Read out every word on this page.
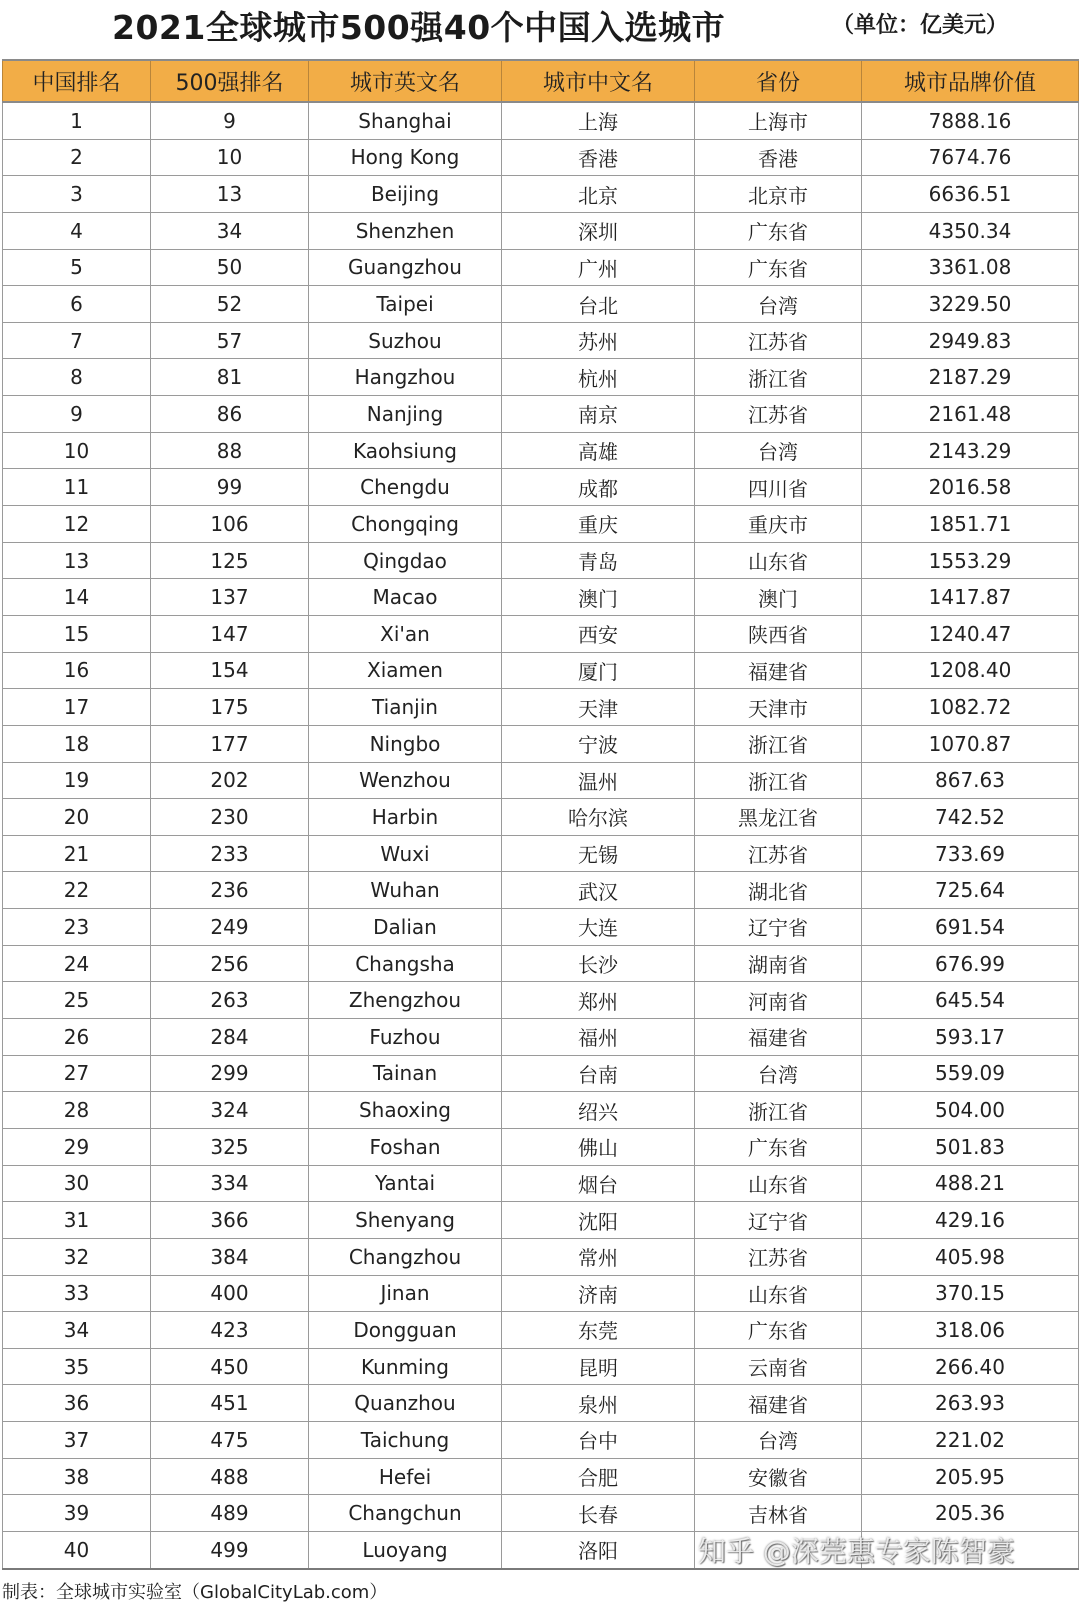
2021全球城市500强40个中国入选城市	（单位：亿美元）
中国排名	500强排名	城市英文名	城市中文名	省份	城市品牌价值
1	9	Shanghai	上海	上海市	7888.16
2	10	Hong Kong	香港	香港	7674.76
3	13	Beijing	北京	北京市	6636.51
4	34	Shenzhen	深圳	广东省	4350.34
5	50	Guangzhou	广州	广东省	3361.08
6	52	Taipei	台北	台湾	3229.50
7	57	Suzhou	苏州	江苏省	2949.83
8	81	Hangzhou	杭州	浙江省	2187.29
9	86	Nanjing	南京	江苏省	2161.48
10	88	Kaohsiung	高雄	台湾	2143.29
11	99	Chengdu	成都	四川省	2016.58
12	106	Chongqing	重庆	重庆市	1851.71
13	125	Qingdao	青岛	山东省	1553.29
14	137	Macao	澳门	澳门	1417.87
15	147	Xi'an	西安	陕西省	1240.47
16	154	Xiamen	厦门	福建省	1208.40
17	175	Tianjin	天津	天津市	1082.72
18	177	Ningbo	宁波	浙江省	1070.87
19	202	Wenzhou	温州	浙江省	867.63
20	230	Harbin	哈尔滨	黑龙江省	742.52
21	233	Wuxi	无锡	江苏省	733.69
22	236	Wuhan	武汉	湖北省	725.64
23	249	Dalian	大连	辽宁省	691.54
24	256	Changsha	长沙	湖南省	676.99
25	263	Zhengzhou	郑州	河南省	645.54
26	284	Fuzhou	福州	福建省	593.17
27	299	Tainan	台南	台湾	559.09
28	324	Shaoxing	绍兴	浙江省	504.00
29	325	Foshan	佛山	广东省	501.83
30	334	Yantai	烟台	山东省	488.21
31	366	Shenyang	沈阳	辽宁省	429.16
32	384	Changzhou	常州	江苏省	405.98
33	400	Jinan	济南	山东省	370.15
34	423	Dongguan	东莞	广东省	318.06
35	450	Kunming	昆明	云南省	266.40
36	451	Quanzhou	泉州	福建省	263.93
37	475	Taichung	台中	台湾	221.02
38	488	Hefei	合肥	安徽省	205.95
39	489	Changchun	长春	吉林省	205.36
40	499	Luoyang	洛阳			知乎 @深莞惠专家陈智豪
制表：全球城市实验室（GlobalCityLab.com）
